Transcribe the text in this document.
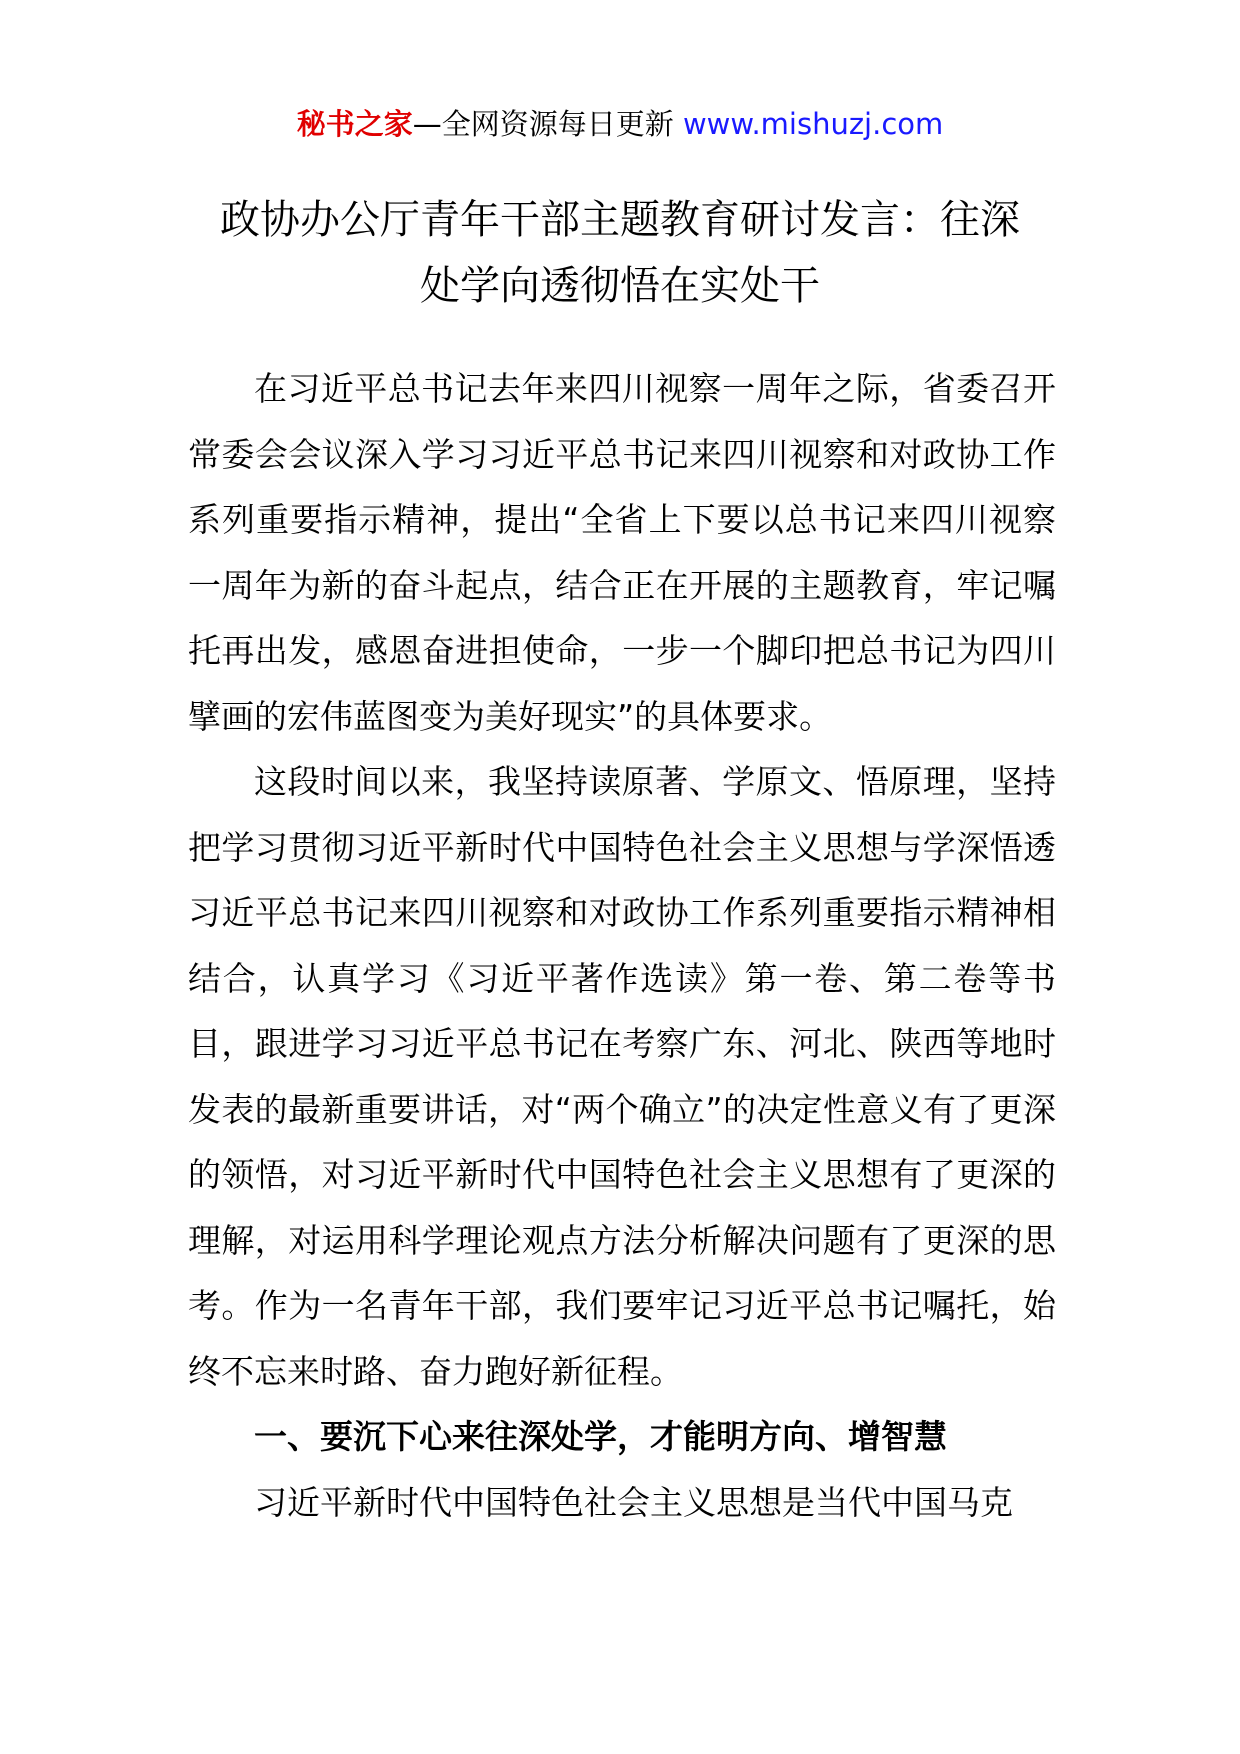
秘书之家—全网资源每日更新 www.mishuzj.com
政协办公厅青年干部主题教育研讨发言：往深
处学向透彻悟在实处干

在习近平总书记去年来四川视察一周年之际，省委召开常委会会议深入学习习近平总书记来四川视察和对政协工作系列重要指示精神，提出“全省上下要以总书记来四川视察一周年为新的奋斗起点，结合正在开展的主题教育，牢记嘱托再出发，感恩奋进担使命，一步一个脚印把总书记为四川擘画的宏伟蓝图变为美好现实”的具体要求。

这段时间以来，我坚持读原著、学原文、悟原理，坚持把学习贯彻习近平新时代中国特色社会主义思想与学深悟透习近平总书记来四川视察和对政协工作系列重要指示精神相结合，认真学习《习近平著作选读》第一卷、第二卷等书目，跟进学习习近平总书记在考察广东、河北、陕西等地时发表的最新重要讲话，对“两个确立”的决定性意义有了更深的领悟，对习近平新时代中国特色社会主义思想有了更深的理解，对运用科学理论观点方法分析解决问题有了更深的思考。作为一名青年干部，我们要牢记习近平总书记嘱托，始终不忘来时路、奋力跑好新征程。

一、要沉下心来往深处学，才能明方向、增智慧

习近平新时代中国特色社会主义思想是当代中国马克
